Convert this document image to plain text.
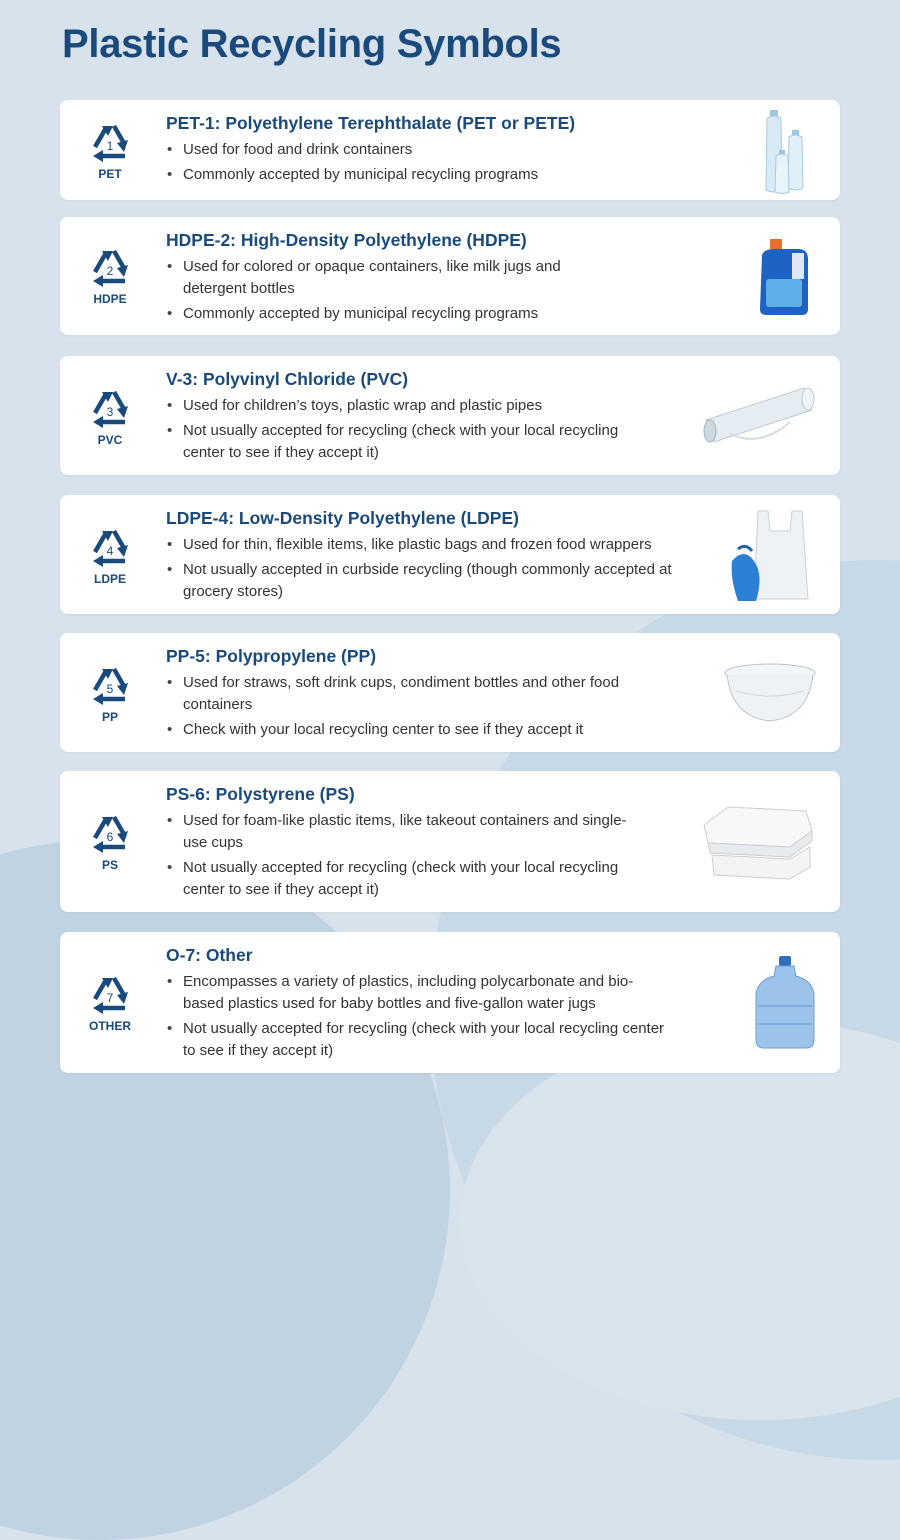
Plastic Recycling Symbols
1
PET
PET-1: Polyethylene Terephthalate (PET or PETE)
• Used for food and drink containers
• Commonly accepted by municipal recycling programs
2
HDPE
HDPE-2: High-Density Polyethylene (HDPE)
• Used for colored or opaque containers, like milk jugs and detergent bottles
• Commonly accepted by municipal recycling programs
3
PVC
V-3: Polyvinyl Chloride (PVC)
• Used for children’s toys, plastic wrap and plastic pipes
• Not usually accepted for recycling (check with your local recycling center to see if they accept it)
4
LDPE
LDPE-4: Low-Density Polyethylene (LDPE)
• Used for thin, flexible items, like plastic bags and frozen food wrappers
• Not usually accepted in curbside recycling (though commonly accepted at grocery stores)
5
PP
PP-5: Polypropylene (PP)
• Used for straws, soft drink cups, condiment bottles and other food containers
• Check with your local recycling center to see if they accept it
6
PS
PS-6: Polystyrene (PS)
• Used for foam-like plastic items, like takeout containers and single-use cups
• Not usually accepted for recycling (check with your local recycling center to see if they accept it)
7
OTHER
O-7: Other
• Encompasses a variety of plastics, including polycarbonate and bio-based plastics used for baby bottles and five-gallon water jugs
• Not usually accepted for recycling (check with your local recycling center to see if they accept it)
